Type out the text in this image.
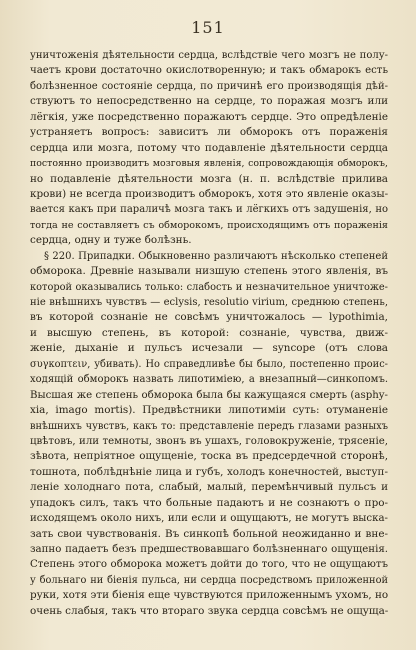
151
уничтоженія дѣятельности сердца, вслѣдствіе чего мозгъ не полу-
чаетъ крови достаточно окислотворенную; и такъ обмарокъ есть
болѣзненное состояніе сердца, по причинѣ его производящія дѣй-
ствуютъ то непосредственно на сердце, то поражая мозгъ или
лёгкія, уже посредственно поражаютъ сердце. Это опредѣленіе
устраняетъ вопросъ: зависитъ ли обморокъ отъ пораженія
сердца или мозга, потому что подавленіе дѣятельности сердца
постоянно производитъ мозговыя явленія, сопровождающія обморокъ,
но подавленіе дѣятельности мозга (н. п. вслѣдствіе прилива
крови) не всегда производитъ обморокъ, хотя это явленіе оказы-
вается какъ при параличѣ мозга такъ и лёгкихъ отъ задушенія, но
тогда не составляетъ съ обморокомъ, происходящимъ отъ пораженія
сердца, одну и туже болѣзнь.
§ 220. Припадки. Обыкновенно различаютъ нѣсколько степеней
обморока. Древніе называли низшую степень этого явленія, въ
которой оказывались только: слабость и незначительное уничтоже-
ніе внѣшнихъ чувствъ — eclysis, resolutio virium, среднюю степень,
въ которой сознаніе не совсѣмъ уничтожалось — lypothimia,
и высшую степень, въ которой: сознаніе, чувства, движ-
женіе, дыханіе и пульсъ исчезали — syncope (отъ слова
συγκοπτειν, убивать). Но справедливѣе бы было, постепенно проис-
ходящій обморокъ назвать липотиміею, а внезапный—синкопомъ.
Высшая же степень обморока была бы кажущаяся смерть (asphy-
xia, imago mortis). Предвѣстники липотиміи суть: отуманеніе
внѣшнихъ чувствъ, какъ то: представленіе передъ глазами разныхъ
цвѣтовъ, или темноты, звонъ въ ушахъ, головокруженіе, трясеніе,
зѣвота, непріятное ощущеніе, тоска въ предсердечной сторонѣ,
тошнота, поблѣднѣніе лица и губъ, холодъ конечностей, выступ-
леніе холоднаго пота, слабый, малый, перемѣнчивый пульсъ и
упадокъ силъ, такъ что больные падаютъ и не сознаютъ о про-
исходящемъ около нихъ, или если и ощущаютъ, не могутъ выска-
зать свои чувствованія. Въ синкопѣ больной неожиданно и вне-
запно падаетъ безъ предшествовавшаго болѣзненнаго ощущенія.
Степень этого обморока можетъ дойти до того, что не ощущаютъ
у больнаго ни біенія пульса, ни сердца посредствомъ приложенной
руки, хотя эти біенія еще чувствуются приложеннымъ ухомъ, но
очень слабыя, такъ что втораго звука сердца совсѣмъ не ощуща-
